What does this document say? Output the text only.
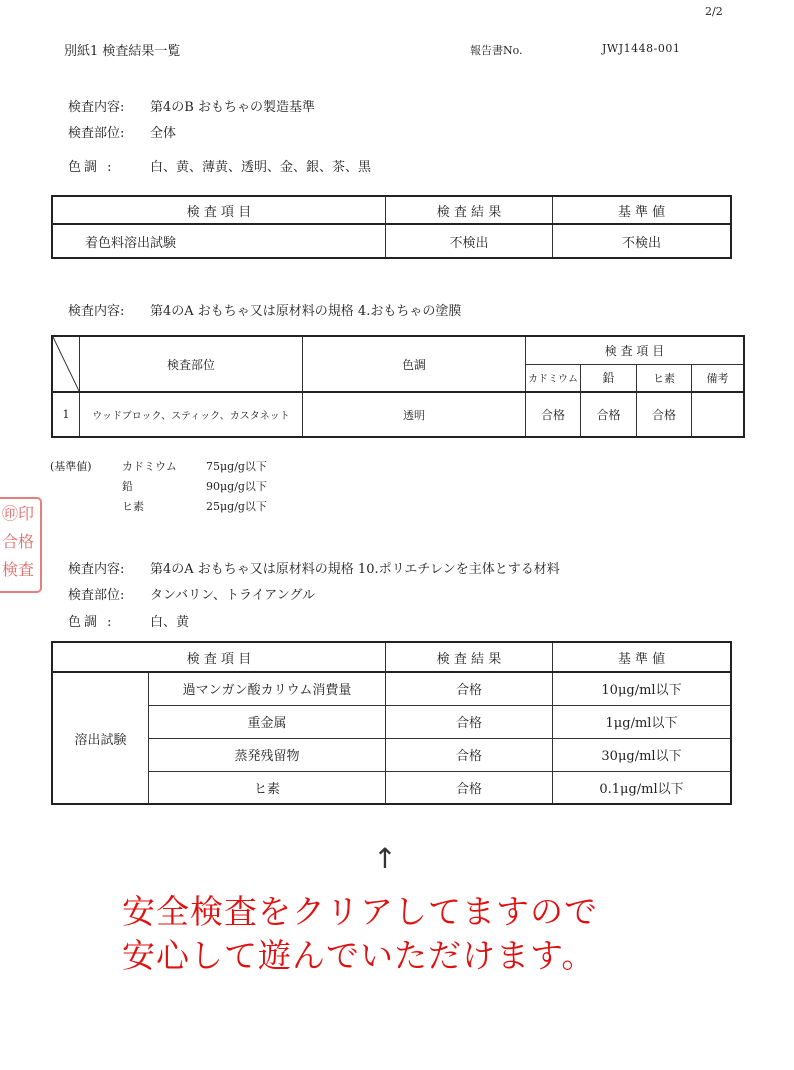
2/2
別紙1 検査結果一覧	報告書No.	JWJ1448-001
検査内容: 第4のB おもちゃの製造基準
検査部位: 全体
色調 :	白、黄、薄黄、透明、金、銀、茶、黒
検 査 項 目	検 査 結 果	基 準 値
着色料溶出試験	不検出	不検出
検査内容: 第4のA おもちゃ又は原材料の規格 4.おもちゃの塗膜
	検査部位	色調	検 査 項 目			
			カドミウム	鉛	ヒ素	備考
1	ウッドブロック、スティック、カスタネット	透明	合格	合格	合格	
(基準値)	カドミウム	75μg/g以下
鉛	90μg/g以下
ヒ素	25μg/g以下
㊞ 印
合 格
検 査	検査内容: 第4のA おもちゃ又は原材料の規格 10.ポリエチレンを主体とする材料
検査部位: タンバリン、トライアングル
色調 :	白、黄
検 査 項 目		検 査 結 果	基 準 値
溶出試験	過マンガン酸カリウム消費量	合格	10μg/ml以下
	重金属	合格	1μg/ml以下
	蒸発残留物	合格	30μg/ml以下
	ヒ素	合格	0.1μg/ml以下
↑
安全検査をクリアしてますので
安心して遊んでいただけます。
